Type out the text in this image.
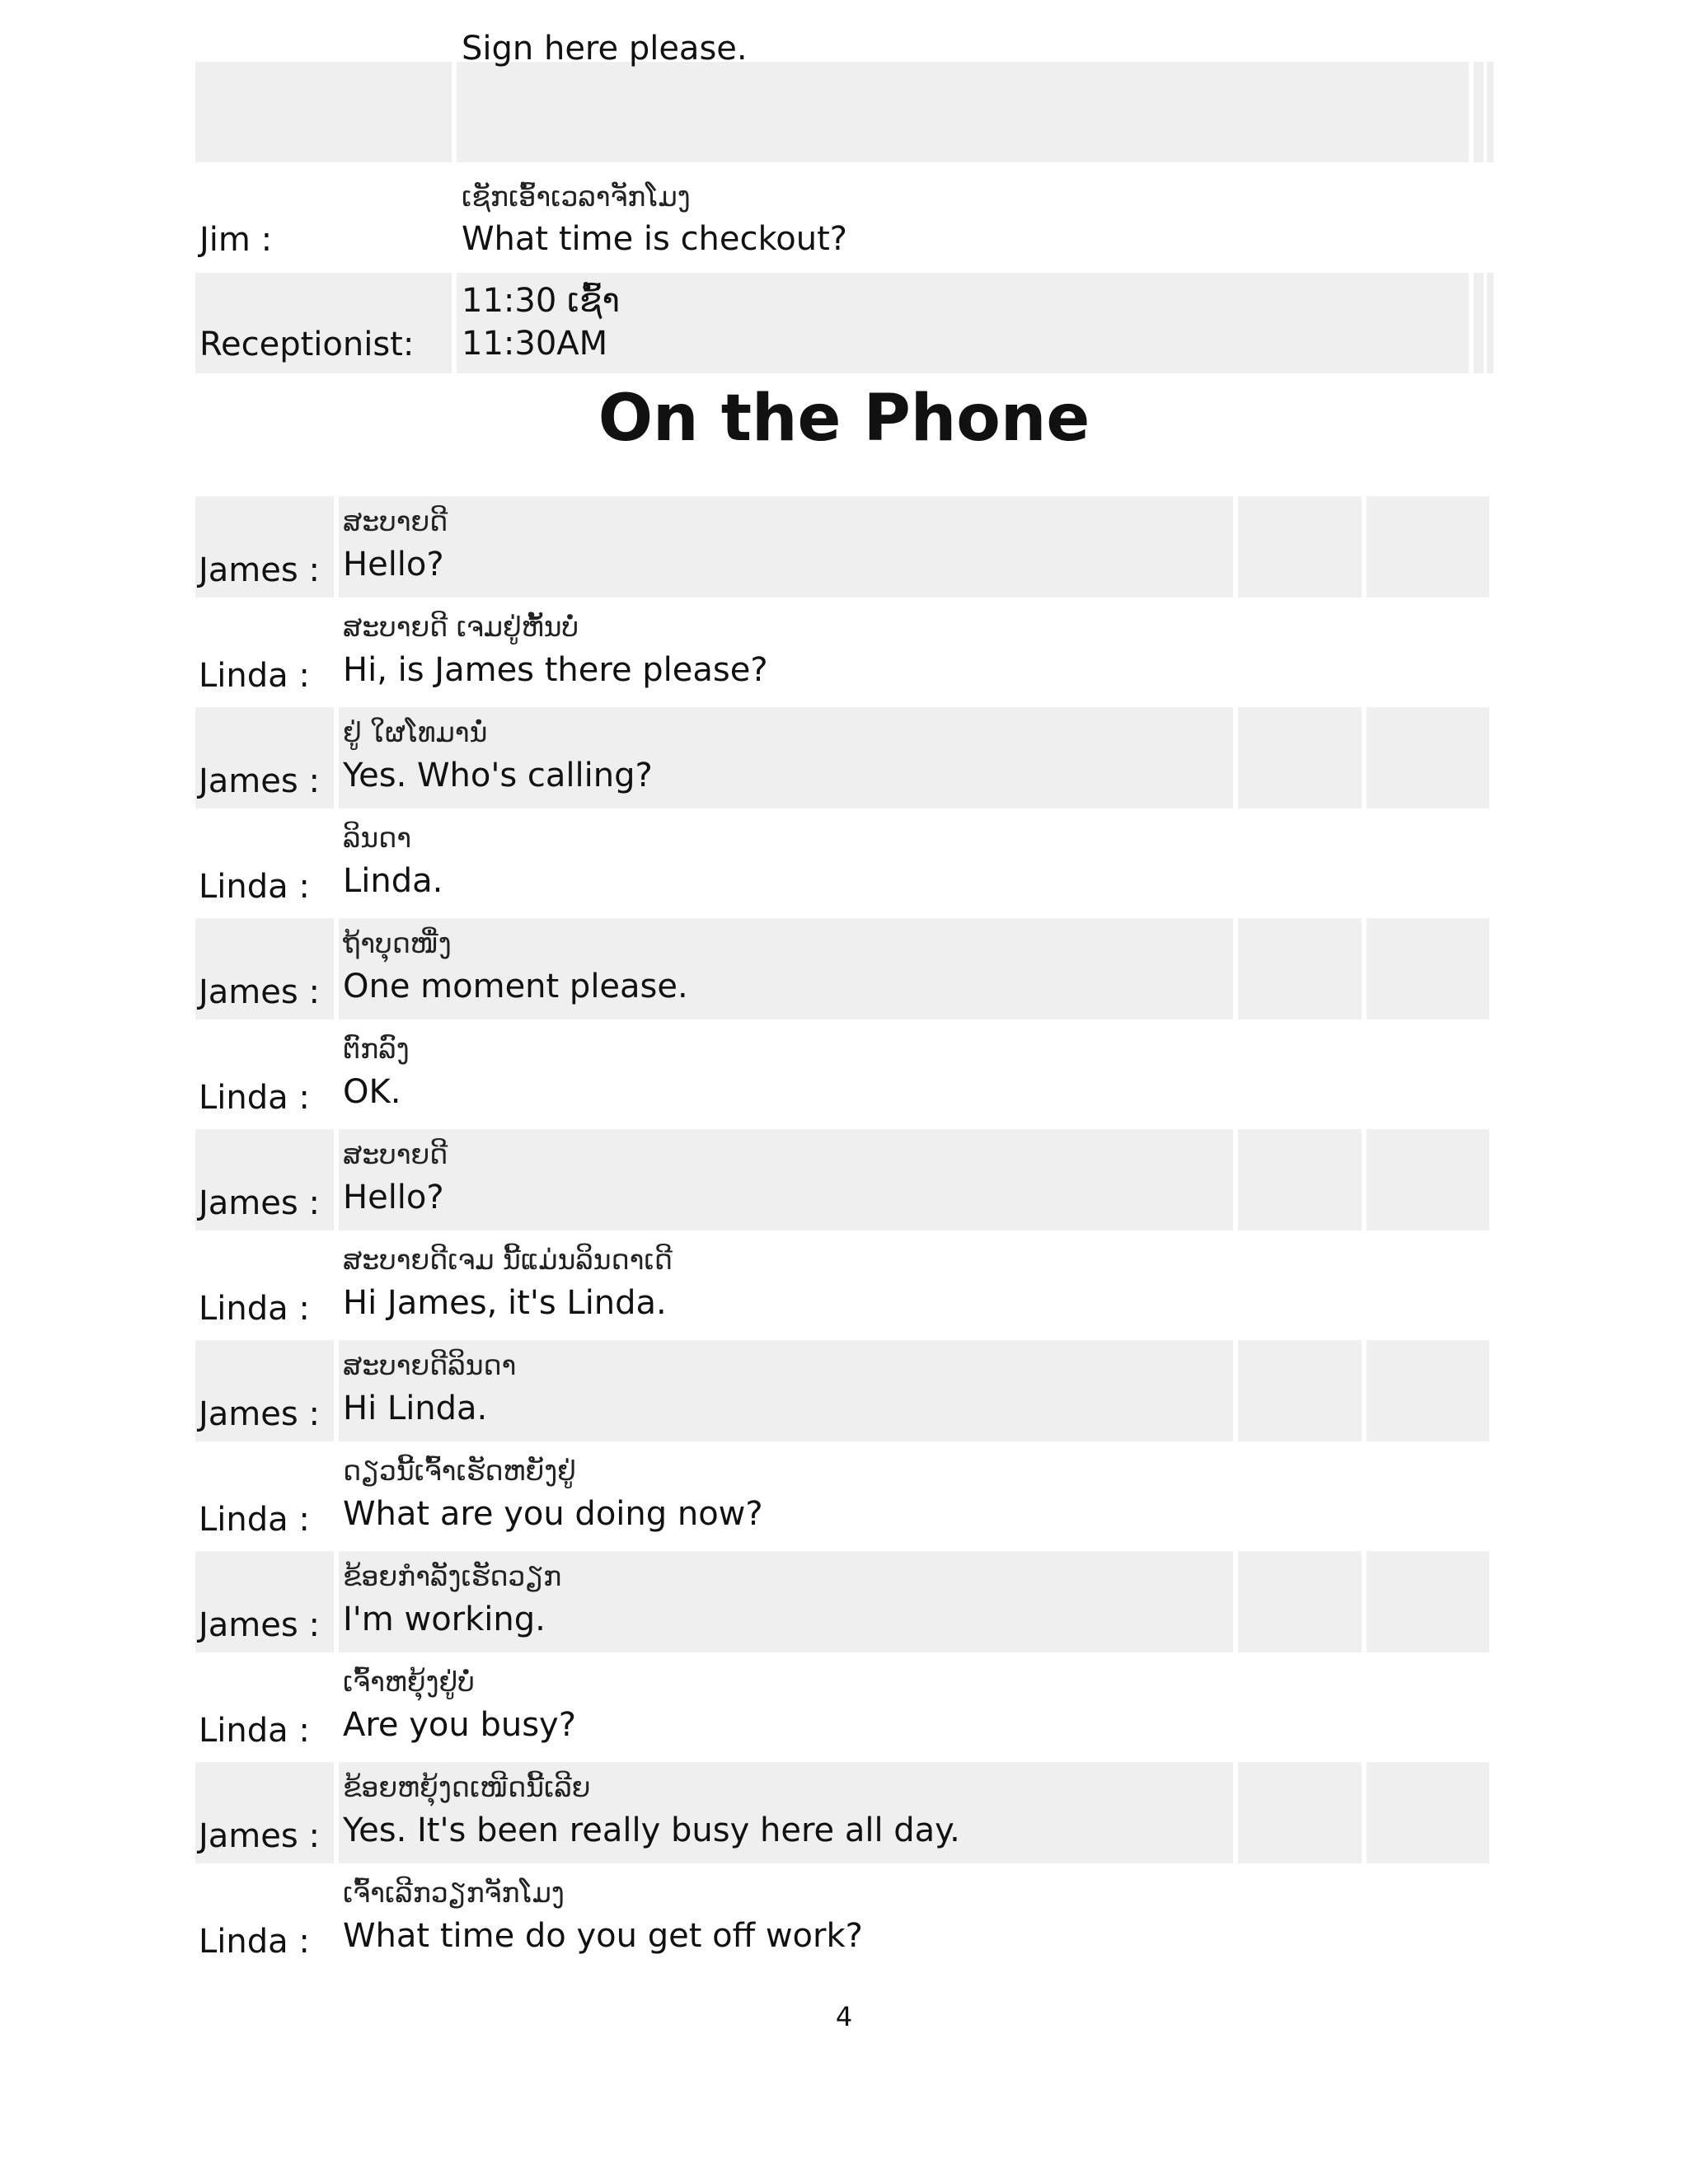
Sign here please.
Jim :
ເຊັກເອົ້າເວລາຈັກໂມງ
What time is checkout?
Receptionist:
11:30 ເຊົ້າ
11:30AM
On the Phone
James :
ສະບາຍດີ
Hello?
Linda :
ສະບາຍດີ ເຈມຢູ່ຫັ້ນບໍ່
Hi, is James there please?
James :
ຢູ່ ໃຜໂທມານໍ່
Yes. Who's calling?
Linda :
ລິນດາ
Linda.
James :
ຖ້າບຸດໜື່ງ
One moment please.
Linda :
ຕົກລົງ
OK.
James :
ສະບາຍດີ
Hello?
Linda :
ສະບາຍດີເຈມ ນີ້ແມ່ນລິນດາເດີ
Hi James, it's Linda.
James :
ສະບາຍດີລິນດາ
Hi Linda.
Linda :
ດຽວນີ້ເຈົ້າເຮັດຫຍັງຢູ່
What are you doing now?
James :
ຂ້ອຍກໍາລັງເຮັດວຽກ
I'm working.
Linda :
ເຈົ້າຫຍຸ້ງຢູ່ບໍ່
Are you busy?
James :
ຂ້ອຍຫຍຸ້ງດເໜີດນີ້ເລີຍ
Yes. It's been really busy here all day.
Linda :
ເຈົ້າເລີກວຽກຈັກໂມງ
What time do you get off work?
4
